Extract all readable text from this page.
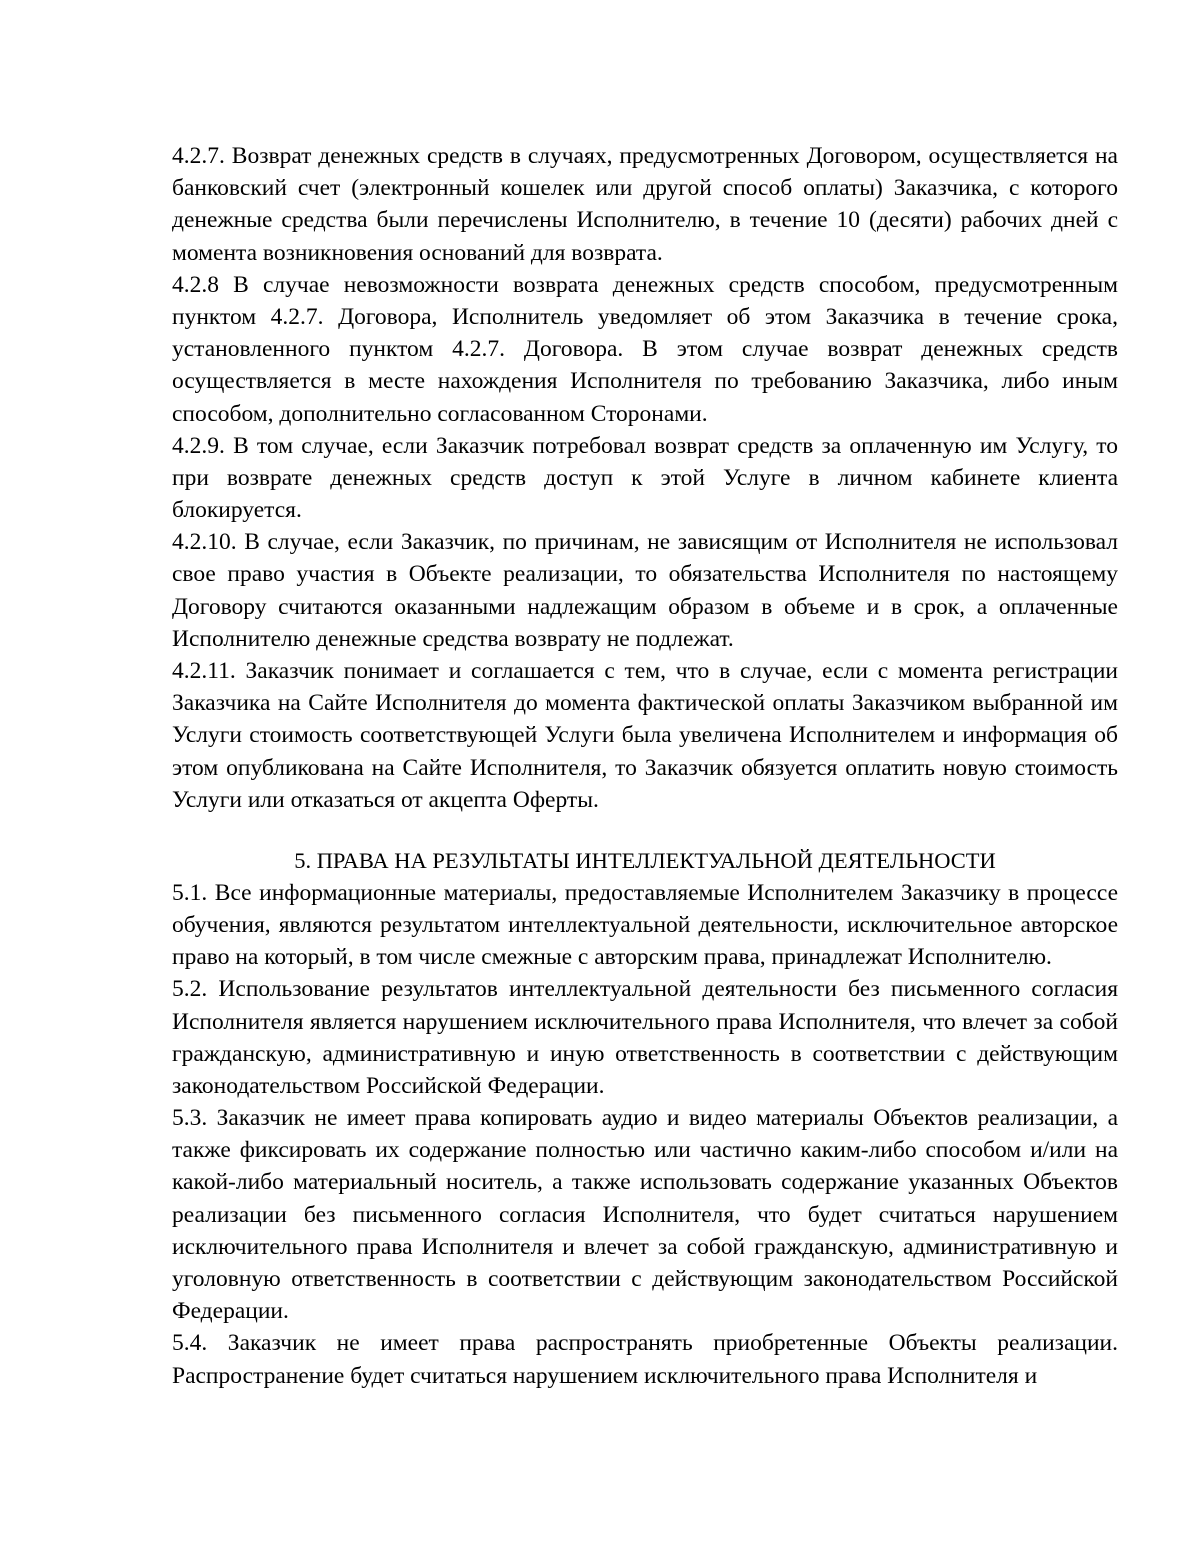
4.2.7. Возврат денежных средств в случаях, предусмотренных Договором, осуществляется на банковский счет (электронный кошелек или другой способ оплаты) Заказчика, с которого денежные средства были перечислены Исполнителю, в течение 10 (десяти) рабочих дней с момента возникновения оснований для возврата.

4.2.8 В случае невозможности возврата денежных средств способом, предусмотренным пунктом 4.2.7. Договора, Исполнитель уведомляет об этом Заказчика в течение срока, установленного пунктом 4.2.7. Договора. В этом случае возврат денежных средств осуществляется в месте нахождения Исполнителя по требованию Заказчика, либо иным способом, дополнительно согласованном Сторонами.

4.2.9. В том случае, если Заказчик потребовал возврат средств за оплаченную им Услугу, то при возврате денежных средств доступ к этой Услуге в личном кабинете клиента блокируется.

4.2.10. В случае, если Заказчик, по причинам, не зависящим от Исполнителя не использовал свое право участия в Объекте реализации, то обязательства Исполнителя по настоящему Договору считаются оказанными надлежащим образом в объеме и в срок, а оплаченные Исполнителю денежные средства возврату не подлежат.

4.2.11. Заказчик понимает и соглашается с тем, что в случае, если с момента регистрации Заказчика на Сайте Исполнителя до момента фактической оплаты Заказчиком выбранной им Услуги стоимость соответствующей Услуги была увеличена Исполнителем и информация об этом опубликована на Сайте Исполнителя, то Заказчик обязуется оплатить новую стоимость Услуги или отказаться от акцепта Оферты.

5. ПРАВА НА РЕЗУЛЬТАТЫ ИНТЕЛЛЕКТУАЛЬНОЙ ДЕЯТЕЛЬНОСТИ

5.1. Все информационные материалы, предоставляемые Исполнителем Заказчику в процессе обучения, являются результатом интеллектуальной деятельности, исключительное авторское право на который, в том числе смежные с авторским права, принадлежат Исполнителю.

5.2. Использование результатов интеллектуальной деятельности без письменного согласия Исполнителя является нарушением исключительного права Исполнителя, что влечет за собой гражданскую, административную и иную ответственность в соответствии с действующим законодательством Российской Федерации.

5.3. Заказчик не имеет права копировать аудио и видео материалы Объектов реализации, а также фиксировать их содержание полностью или частично каким-либо способом и/или на какой-либо материальный носитель, а также использовать содержание указанных Объектов реализации без письменного согласия Исполнителя, что будет считаться нарушением исключительного права Исполнителя и влечет за собой гражданскую, административную и уголовную ответственность в соответствии с действующим законодательством Российской Федерации.

5.4. Заказчик не имеет права распространять приобретенные Объекты реализации. Распространение будет считаться нарушением исключительного права Исполнителя и
